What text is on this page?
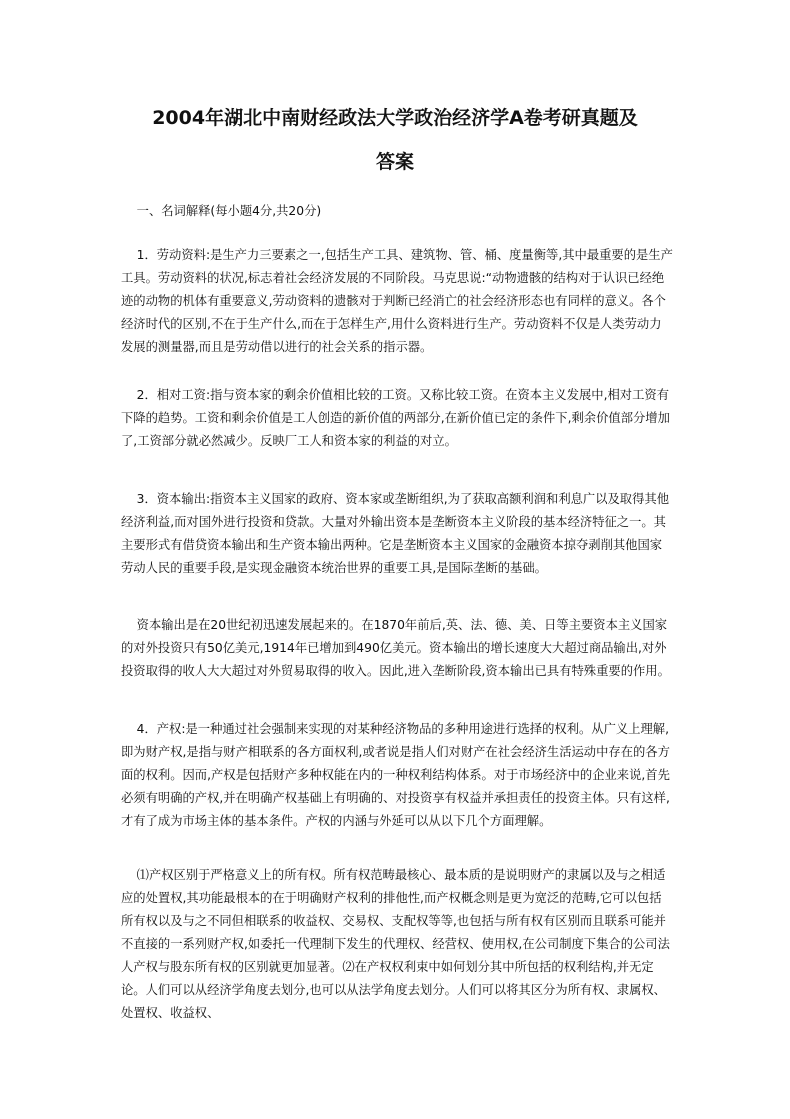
2004年湖北中南财经政法大学政治经济学A卷考研真题及
答案

一、名词解释(每小题4分,共20分)

1．劳动资料:是生产力三要素之一,包括生产工具、建筑物、管、桶、度量衡等,其中最重要的是生产工具。劳动资料的状况,标志着社会经济发展的不同阶段。马克思说:“动物遗骸的结构对于认识已经绝迹的动物的机体有重要意义,劳动资料的遗骸对于判断已经消亡的社会经济形态也有同样的意义。各个经济时代的区别,不在于生产什么,而在于怎样生产,用什么资料进行生产。劳动资料不仅是人类劳动力发展的测量器,而且是劳动借以进行的社会关系的指示器。

2．相对工资:指与资本家的剩余价值相比较的工资。又称比较工资。在资本主义发展中,相对工资有下降的趋势。工资和剩余价值是工人创造的新价值的两部分,在新价值已定的条件下,剩余价值部分增加了,工资部分就必然减少。反映厂工人和资本家的利益的对立。

3．资本输出:指资本主义国家的政府、资本家或垄断组织,为了获取高额利润和利息广以及取得其他经济利益,而对国外进行投资和贷款。大量对外输出资本是垄断资本主义阶段的基本经济特征之一。其主要形式有借贷资本输出和生产资本输出两种。它是垄断资本主义国家的金融资本掠夺剥削其他国家劳动人民的重要手段,是实现金融资本统治世界的重要工具,是国际垄断的基础。

资本输出是在20世纪初迅速发展起来的。在1870年前后,英、法、德、美、日等主要资本主义国家的对外投资只有50亿美元,1914年已增加到490亿美元。资本输出的增长速度大大超过商品输出,对外投资取得的收人大大超过对外贸易取得的收入。因此,进入垄断阶段,资本输出已具有特殊重要的作用。

4．产权:是一种通过社会强制来实现的对某种经济物品的多种用途进行选择的权利。从广义上理解,即为财产权,是指与财产相联系的各方面权利,或者说是指人们对财产在社会经济生活运动中存在的各方面的权利。因而,产权是包括财产多种权能在内的一种权利结构体系。对于市场经济中的企业来说,首先必须有明确的产权,并在明确产权基础上有明确的、对投资享有权益并承担责任的投资主体。只有这样,才有了成为市场主体的基本条件。产权的内涵与外延可以从以下几个方面理解。

⑴产权区别于严格意义上的所有权。所有权范畴最核心、最本质的是说明财产的隶属以及与之相适应的处置权,其功能最根本的在于明确财产权利的排他性,而产权概念则是更为宽泛的范畴,它可以包括所有权以及与之不同但相联系的收益权、交易权、支配权等等,也包括与所有权有区别而且联系可能并不直接的一系列财产权,如委托一代理制下发生的代理权、经营权、使用权,在公司制度下集合的公司法人产权与股东所有权的区别就更加显著。⑵在产权权利束中如何划分其中所包括的权利结构,并无定论。人们可以从经济学角度去划分,也可以从法学角度去划分。人们可以将其区分为所有权、隶属权、处置权、收益权、
